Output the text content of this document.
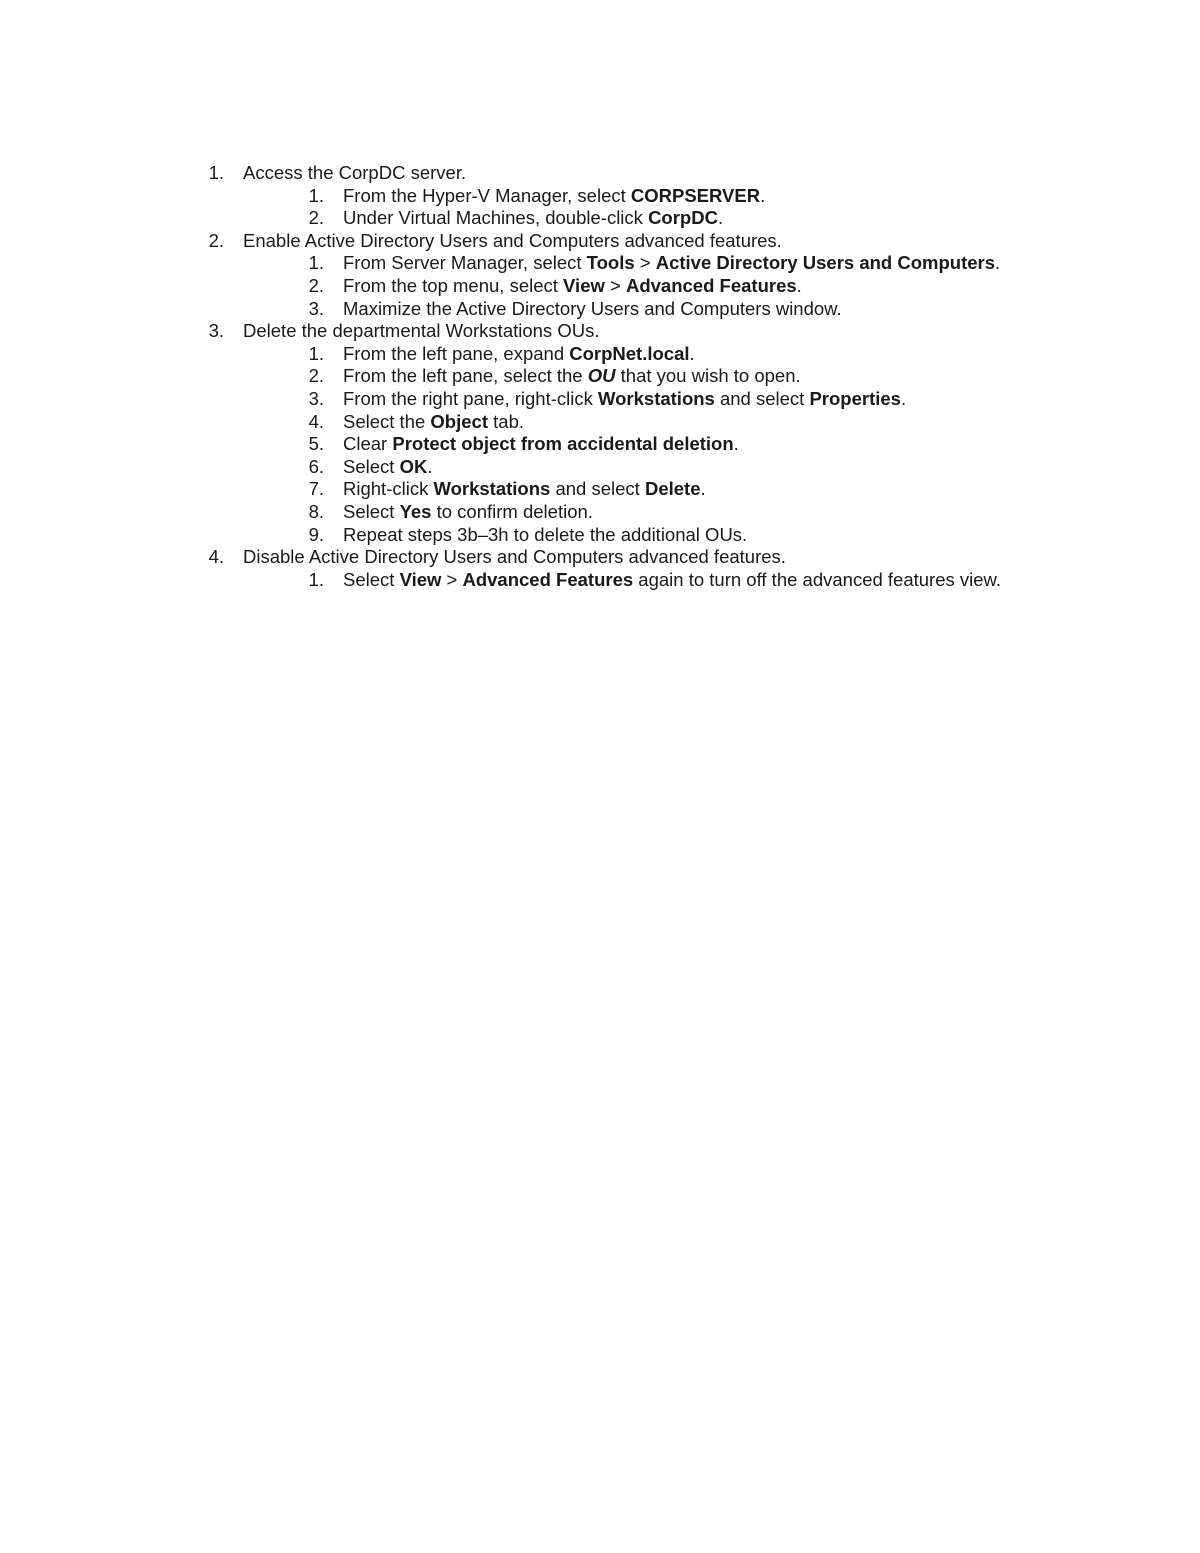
1. Access the CorpDC server.
1. From the Hyper-V Manager, select CORPSERVER.
2. Under Virtual Machines, double-click CorpDC.
2. Enable Active Directory Users and Computers advanced features.
1. From Server Manager, select Tools > Active Directory Users and Computers.
2. From the top menu, select View > Advanced Features.
3. Maximize the Active Directory Users and Computers window.
3. Delete the departmental Workstations OUs.
1. From the left pane, expand CorpNet.local.
2. From the left pane, select the OU that you wish to open.
3. From the right pane, right-click Workstations and select Properties.
4. Select the Object tab.
5. Clear Protect object from accidental deletion.
6. Select OK.
7. Right-click Workstations and select Delete.
8. Select Yes to confirm deletion.
9. Repeat steps 3b–3h to delete the additional OUs.
4. Disable Active Directory Users and Computers advanced features.
1. Select View > Advanced Features again to turn off the advanced features view.
